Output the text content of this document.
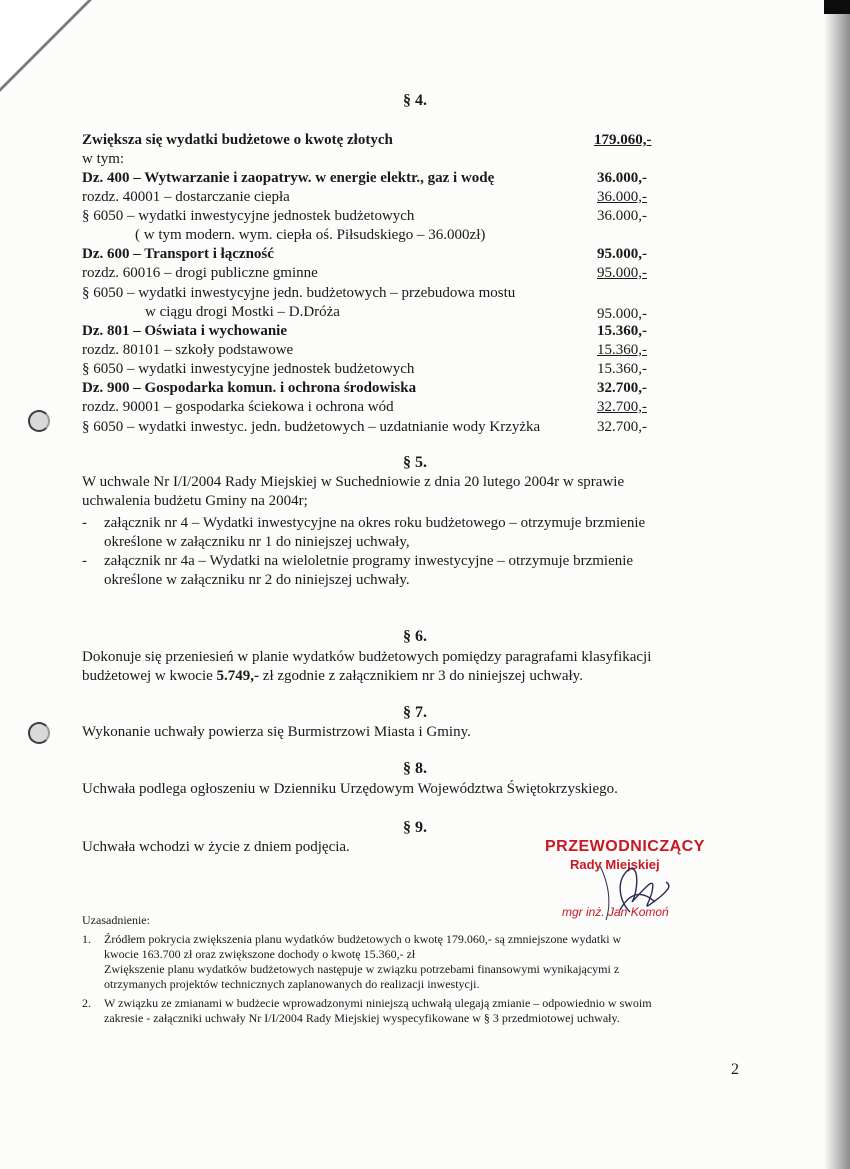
§ 4.
Zwiększa się wydatki budżetowe o kwotę złotych	179.060,-
w tym:
Dz. 400 – Wytwarzanie i zaopatryw. w energie elektr., gaz i wodę	36.000,-
rozdz. 40001 – dostarczanie ciepła	36.000,-
§ 6050 – wydatki inwestycyjne jednostek budżetowych	36.000,-
( w tym modern. wym. ciepła oś. Piłsudskiego – 36.000zł)
Dz. 600 – Transport i łączność	95.000,-
rozdz. 60016 – drogi publiczne gminne	95.000,-
§ 6050 – wydatki inwestycyjne jedn. budżetowych – przebudowa mostu
w ciągu drogi Mostki – D.Dróża	95.000,-
Dz. 801 – Oświata i wychowanie	15.360,-
rozdz. 80101 – szkoły podstawowe	15.360,-
§ 6050 – wydatki inwestycyjne jednostek budżetowych	15.360,-
Dz. 900 – Gospodarka komun. i ochrona środowiska	32.700,-
rozdz. 90001 – gospodarka ściekowa i ochrona wód	32.700,-
§ 6050 – wydatki inwestyc. jedn. budżetowych – uzdatnianie wody Krzyżka	32.700,-
§ 5.
W uchwale Nr I/I/2004 Rady Miejskiej w Suchedniowie z dnia 20 lutego 2004r w sprawie
uchwalenia budżetu Gminy na 2004r;
- załącznik nr 4 – Wydatki inwestycyjne na okres roku budżetowego – otrzymuje brzmienie
określone w załączniku nr 1 do niniejszej uchwały,
- załącznik nr 4a – Wydatki na wieloletnie programy inwestycyjne – otrzymuje brzmienie
określone w załączniku nr 2 do niniejszej uchwały.
§ 6.
Dokonuje się przeniesień w planie wydatków budżetowych pomiędzy paragrafami klasyfikacji
budżetowej w kwocie 5.749,- zł zgodnie z załącznikiem nr 3 do niniejszej uchwały.
§ 7.
Wykonanie uchwały powierza się Burmistrzowi Miasta i Gminy.
§ 8.
Uchwała podlega ogłoszeniu w Dzienniku Urzędowym Województwa Świętokrzyskiego.
§ 9.
Uchwała wchodzi w życie z dniem podjęcia.	PRZEWODNICZĄCY
Rady Miejskiej
mgr inż. Jan Komoń
Uzasadnienie:
1. Źródłem pokrycia zwiększenia planu wydatków budżetowych o kwotę 179.060,- są zmniejszone wydatki w
kwocie 163.700 zł oraz zwiększone dochody o kwotę 15.360,- zł
Zwiększenie planu wydatków budżetowych następuje w związku potrzebami finansowymi wynikającymi z
otrzymanych projektów technicznych zaplanowanych do realizacji inwestycji.
2. W związku ze zmianami w budżecie wprowadzonymi niniejszą uchwałą ulegają zmianie – odpowiednio w swoim
zakresie - załączniki uchwały Nr I/I/2004 Rady Miejskiej wyspecyfikowane w § 3 przedmiotowej uchwały.
2
